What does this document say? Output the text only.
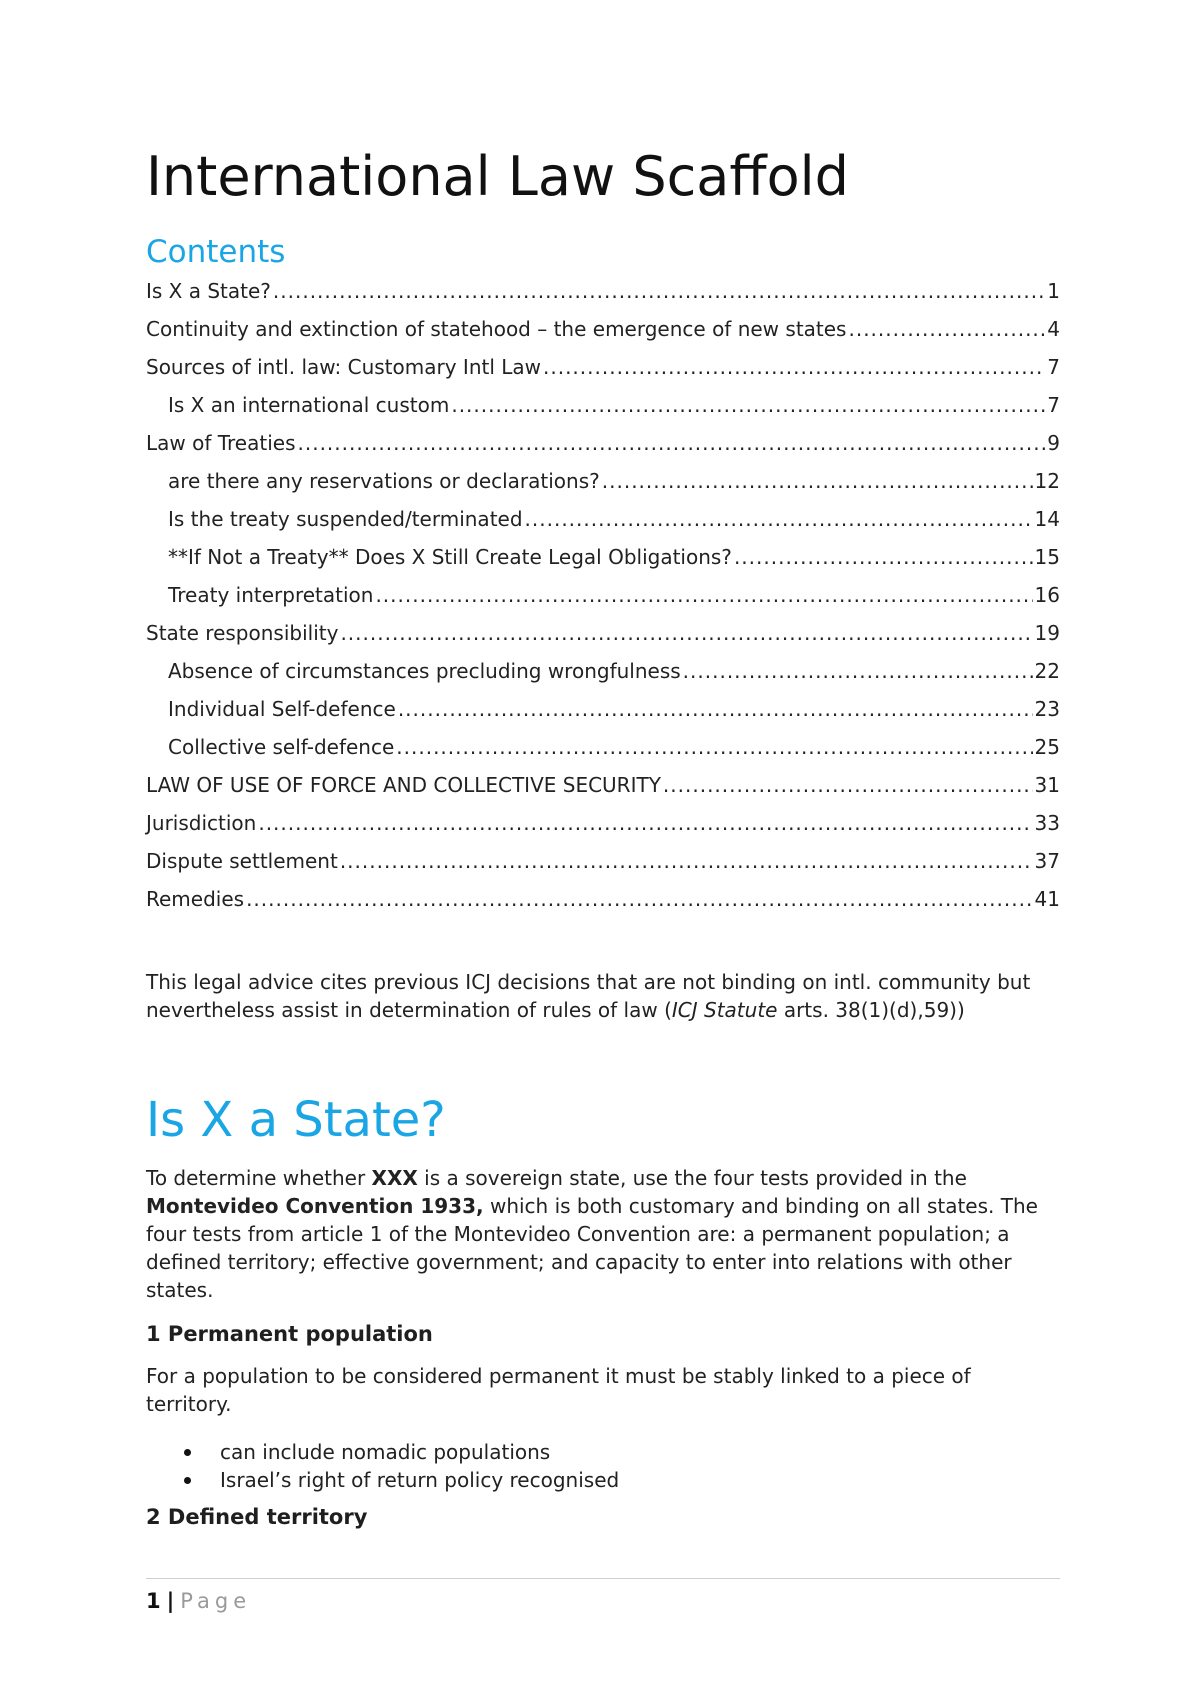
International Law Scaffold
Contents
Is X a State? .....	1
Continuity and extinction of statehood – the emergence of new states .....	4
Sources of intl. law: Customary Intl Law .....	7
Is X an international custom .....	7
Law of Treaties .....	9
are there any reservations or declarations? .....	12
Is the treaty suspended/terminated .....	14
**If Not a Treaty** Does X Still Create Legal Obligations? .....	15
Treaty interpretation .....	16
State responsibility .....	19
Absence of circumstances precluding wrongfulness .....	22
Individual Self-defence .....	23
Collective self-defence .....	25
LAW OF USE OF FORCE AND COLLECTIVE SECURITY .....	31
Jurisdiction .....	33
Dispute settlement .....	37
Remedies .....	41

This legal advice cites previous ICJ decisions that are not binding on intl. community but nevertheless assist in determination of rules of law (ICJ Statute arts. 38(1)(d),59))

Is X a State?

To determine whether XXX is a sovereign state, use the four tests provided in the Montevideo Convention 1933, which is both customary and binding on all states. The four tests from article 1 of the Montevideo Convention are: a permanent population; a defined territory; effective government; and capacity to enter into relations with other states.

1 Permanent population

For a population to be considered permanent it must be stably linked to a piece of territory.

can include nomadic populations
Israel’s right of return policy recognised
2 Defined territory
1 | Page
